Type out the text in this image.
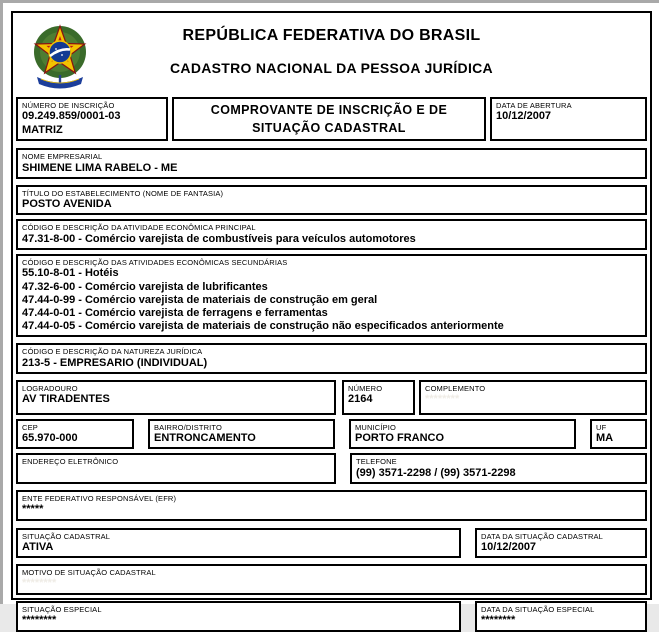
REPÚBLICA FEDERATIVA DO BRASIL
CADASTRO NACIONAL DA PESSOA JURÍDICA
NÚMERO DE INSCRIÇÃO
09.249.859/0001-03
MATRIZ
COMPROVANTE DE INSCRIÇÃO E DE
SITUAÇÃO CADASTRAL
DATA DE ABERTURA
10/12/2007
NOME EMPRESARIAL
SHIMENE LIMA RABELO - ME
TÍTULO DO ESTABELECIMENTO (NOME DE FANTASIA)
POSTO AVENIDA
CÓDIGO E DESCRIÇÃO DA ATIVIDADE ECONÔMICA PRINCIPAL
47.31-8-00 - Comércio varejista de combustíveis para veículos automotores
CÓDIGO E DESCRIÇÃO DAS ATIVIDADES ECONÔMICAS SECUNDÁRIAS
55.10-8-01 - Hotéis
47.32-6-00 - Comércio varejista de lubrificantes
47.44-0-99 - Comércio varejista de materiais de construção em geral
47.44-0-01 - Comércio varejista de ferragens e ferramentas
47.44-0-05 - Comércio varejista de materiais de construção não especificados anteriormente
CÓDIGO E DESCRIÇÃO DA NATUREZA JURÍDICA
213-5 - EMPRESARIO (INDIVIDUAL)
LOGRADOURO
AV TIRADENTES
NÚMERO
2164
COMPLEMENTO
********
CEP
65.970-000
BAIRRO/DISTRITO
ENTRONCAMENTO
MUNICÍPIO
PORTO FRANCO
UF
MA
ENDEREÇO ELETRÔNICO	TELEFONE
(99) 3571-2298 / (99) 3571-2298
ENTE FEDERATIVO RESPONSÁVEL (EFR)
*****
SITUAÇÃO CADASTRAL
ATIVA
DATA DA SITUAÇÃO CADASTRAL
10/12/2007
MOTIVO DE SITUAÇÃO CADASTRAL
********
SITUAÇÃO ESPECIAL
********
DATA DA SITUAÇÃO ESPECIAL
********
